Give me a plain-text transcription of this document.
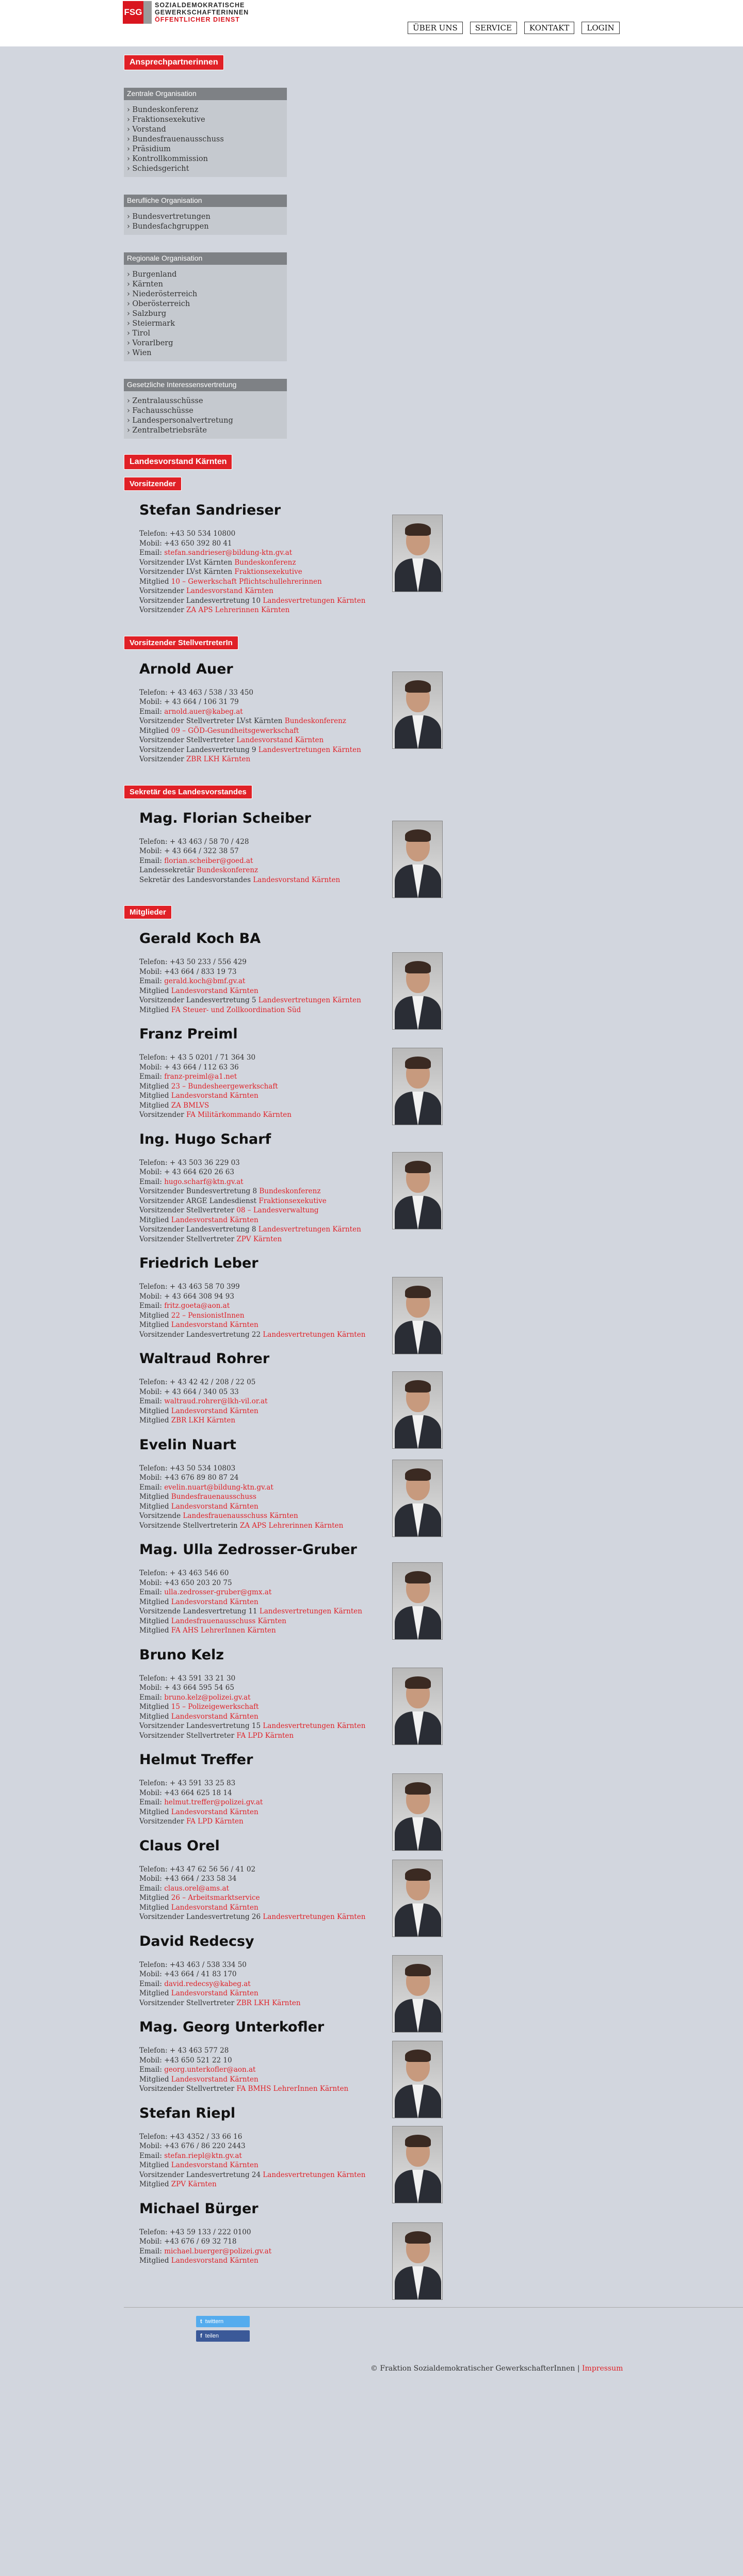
FSG
SOZIALDEMOKRATISCHE
GEWERKSCHAFTERINNEN
ÖFFENTLICHER DIENST
ÜBER UNS	SERVICE	KONTAKT	LOGIN
Ansprechpartnerinnen
Zentrale Organisation
› Bundeskonferenz
› Fraktionsexekutive
› Vorstand
› Bundesfrauenausschuss
› Präsidium
› Kontrollkommission
› Schiedsgericht
Berufliche Organisation
› Bundesvertretungen
› Bundesfachgruppen
Regionale Organisation
› Burgenland
› Kärnten
› Niederösterreich
› Oberösterreich
› Salzburg
› Steiermark
› Tirol
› Vorarlberg
› Wien
Gesetzliche Interessensvertretung
› Zentralausschüsse
› Fachausschüsse
› Landespersonalvertretung
› Zentralbetriebsräte
Landesvorstand Kärnten
Vorsitzender
Stefan Sandrieser
Telefon: +43 50 534 10800
Mobil: +43 650 392 80 41
Email: stefan.sandrieser@bildung-ktn.gv.at
Vorsitzender LVst Kärnten Bundeskonferenz
Vorsitzender LVst Kärnten Fraktionsexekutive
Mitglied 10 – Gewerkschaft Pflichtschullehrerinnen
Vorsitzender Landesvorstand Kärnten
Vorsitzender Landesvertretung 10 Landesvertretungen Kärnten
Vorsitzender ZA APS Lehrerinnen Kärnten
Vorsitzender StellvertreterIn
Arnold Auer
Telefon: + 43 463 / 538 / 33 450
Mobil: + 43 664 / 106 31 79
Email: arnold.auer@kabeg.at
Vorsitzender Stellvertreter LVst Kärnten Bundeskonferenz
Mitglied 09 – GÖD-Gesundheitsgewerkschaft
Vorsitzender Stellvertreter Landesvorstand Kärnten
Vorsitzender Landesvertretung 9 Landesvertretungen Kärnten
Vorsitzender ZBR LKH Kärnten
Sekretär des Landesvorstandes
Mag. Florian Scheiber
Telefon: + 43 463 / 58 70 / 428
Mobil: + 43 664 / 322 38 57
Email: florian.scheiber@goed.at
Landessekretär Bundeskonferenz
Sekretär des Landesvorstandes Landesvorstand Kärnten
Mitglieder
Gerald Koch BA
Telefon: +43 50 233 / 556 429
Mobil: +43 664 / 833 19 73
Email: gerald.koch@bmf.gv.at
Mitglied Landesvorstand Kärnten
Vorsitzender Landesvertretung 5 Landesvertretungen Kärnten
Mitglied FA Steuer- und Zollkoordination Süd
Franz Preiml
Telefon: + 43 5 0201 / 71 364 30
Mobil: + 43 664 / 112 63 36
Email: franz-preiml@a1.net
Mitglied 23 – Bundesheergewerkschaft
Mitglied Landesvorstand Kärnten
Mitglied ZA BMLVS
Vorsitzender FA Militärkommando Kärnten
Ing. Hugo Scharf
Telefon: + 43 503 36 229 03
Mobil: + 43 664 620 26 63
Email: hugo.scharf@ktn.gv.at
Vorsitzender Bundesvertretung 8 Bundeskonferenz
Vorsitzender ARGE Landesdienst Fraktionsexekutive
Vorsitzender Stellvertreter 08 – Landesverwaltung
Mitglied Landesvorstand Kärnten
Vorsitzender Landesvertretung 8 Landesvertretungen Kärnten
Vorsitzender Stellvertreter ZPV Kärnten
Friedrich Leber
Telefon: + 43 463 58 70 399
Mobil: + 43 664 308 94 93
Email: fritz.goeta@aon.at
Mitglied 22 – PensionistInnen
Mitglied Landesvorstand Kärnten
Vorsitzender Landesvertretung 22 Landesvertretungen Kärnten
Waltraud Rohrer
Telefon: + 43 42 42 / 208 / 22 05
Mobil: + 43 664 / 340 05 33
Email: waltraud.rohrer@lkh-vil.or.at
Mitglied Landesvorstand Kärnten
Mitglied ZBR LKH Kärnten
Evelin Nuart
Telefon: +43 50 534 10803
Mobil: +43 676 89 80 87 24
Email: evelin.nuart@bildung-ktn.gv.at
Mitglied Bundesfrauenausschuss
Mitglied Landesvorstand Kärnten
Vorsitzende Landesfrauenausschuss Kärnten
Vorsitzende Stellvertreterin ZA APS Lehrerinnen Kärnten
Mag. Ulla Zedrosser-Gruber
Telefon: + 43 463 546 60
Mobil: +43 650 203 20 75
Email: ulla.zedrosser-gruber@gmx.at
Mitglied Landesvorstand Kärnten
Vorsitzende Landesvertretung 11 Landesvertretungen Kärnten
Mitglied Landesfrauenausschuss Kärnten
Mitglied FA AHS LehrerInnen Kärnten
Bruno Kelz
Telefon: + 43 591 33 21 30
Mobil: + 43 664 595 54 65
Email: bruno.kelz@polizei.gv.at
Mitglied 15 – Polizeigewerkschaft
Mitglied Landesvorstand Kärnten
Vorsitzender Landesvertretung 15 Landesvertretungen Kärnten
Vorsitzender Stellvertreter FA LPD Kärnten
Helmut Treffer
Telefon: + 43 591 33 25 83
Mobil: +43 664 625 18 14
Email: helmut.treffer@polizei.gv.at
Mitglied Landesvorstand Kärnten
Vorsitzender FA LPD Kärnten
Claus Orel
Telefon: +43 47 62 56 56 / 41 02
Mobil: +43 664 / 233 58 34
Email: claus.orel@ams.at
Mitglied 26 – Arbeitsmarktservice
Mitglied Landesvorstand Kärnten
Vorsitzender Landesvertretung 26 Landesvertretungen Kärnten
David Redecsy
Telefon: +43 463 / 538 334 50
Mobil: +43 664 / 41 83 170
Email: david.redecsy@kabeg.at
Mitglied Landesvorstand Kärnten
Vorsitzender Stellvertreter ZBR LKH Kärnten
Mag. Georg Unterkofler
Telefon: + 43 463 577 28
Mobil: +43 650 521 22 10
Email: georg.unterkofler@aon.at
Mitglied Landesvorstand Kärnten
Vorsitzender Stellvertreter FA BMHS LehrerInnen Kärnten
Stefan Riepl
Telefon: +43 4352 / 33 66 16
Mobil: +43 676 / 86 220 2443
Email: stefan.riepl@ktn.gv.at
Mitglied Landesvorstand Kärnten
Vorsitzender Landesvertretung 24 Landesvertretungen Kärnten
Mitglied ZPV Kärnten
Michael Bürger
Telefon: +43 59 133 / 222 0100
Mobil: +43 676 / 69 32 718
Email: michael.buerger@polizei.gv.at
Mitglied Landesvorstand Kärnten
t twittern
f teilen
© Fraktion Sozialdemokratischer GewerkschafterInnen | Impressum
